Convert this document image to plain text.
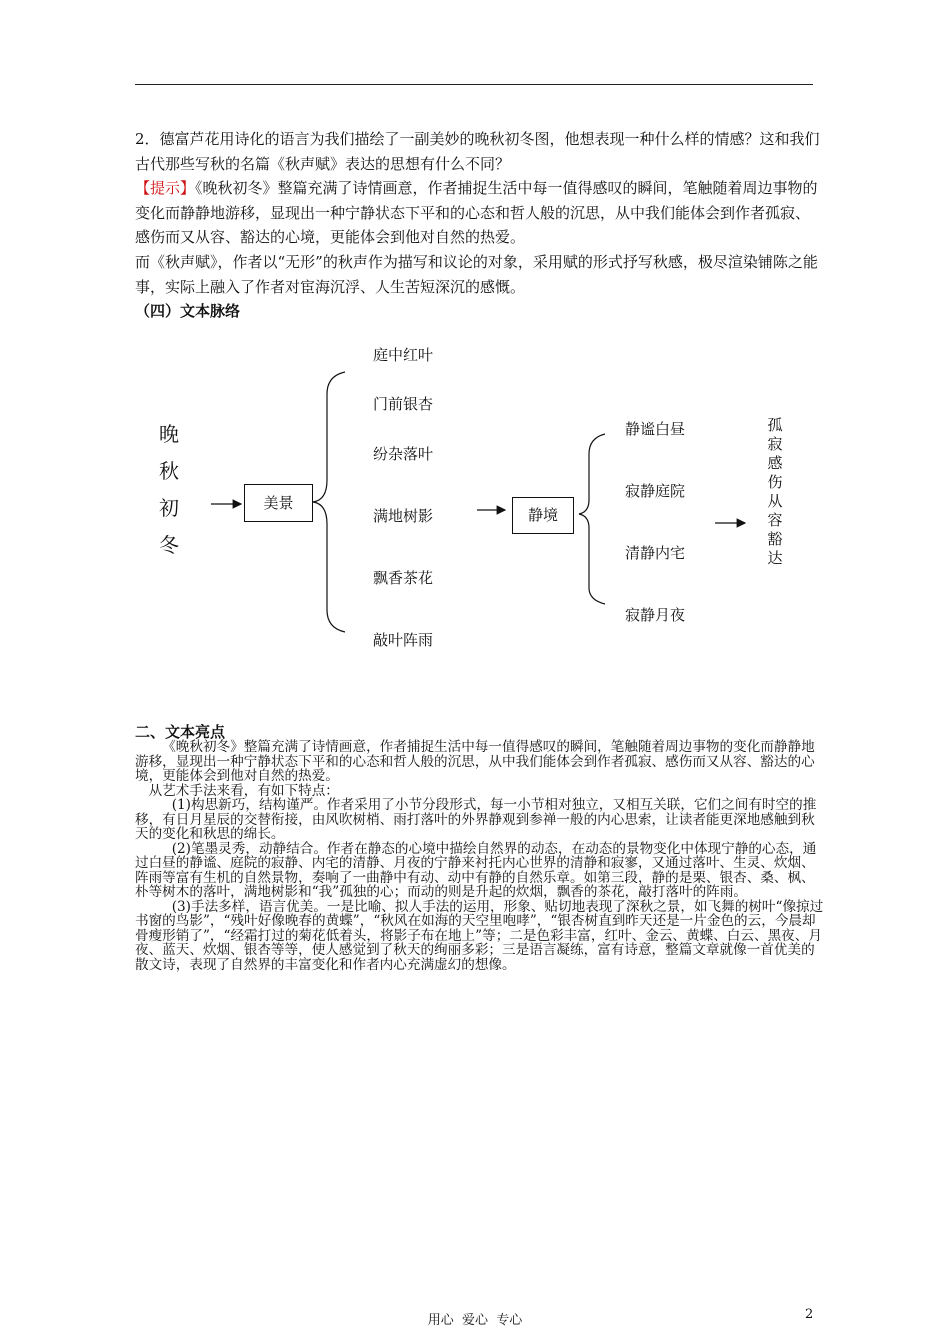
2．德富芦花用诗化的语言为我们描绘了一副美妙的晚秋初冬图，他想表现一种什么样的情感？这和我们古代那些写秋的名篇《秋声赋》表达的思想有什么不同？

【提示】《晚秋初冬》整篇充满了诗情画意，作者捕捉生活中每一值得感叹的瞬间，笔触随着周边事物的变化而静静地游移，显现出一种宁静状态下平和的心态和哲人般的沉思，从中我们能体会到作者孤寂、感伤而又从容、豁达的心境，更能体会到他对自然的热爱。

而《秋声赋》，作者以“无形”的秋声作为描写和议论的对象，采用赋的形式抒写秋感，极尽渲染铺陈之能事，实际上融入了作者对宦海沉浮、人生苦短深沉的感慨。

（四）文本脉络
晚
秋
初
冬
美景
庭中红叶
门前银杏
纷杂落叶
满地树影
飘香茶花
敲叶阵雨
静境
静谧白昼
寂静庭院
清静内宅
寂静月夜
孤
寂
感
伤
从
容
豁
达
二、文本亮点

《晚秋初冬》整篇充满了诗情画意，作者捕捉生活中每一值得感叹的瞬间，笔触随着周边事物的变化而静静地游移，显现出一种宁静状态下平和的心态和哲人般的沉思，从中我们能体会到作者孤寂、感伤而又从容、豁达的心境，更能体会到他对自然的热爱。

从艺术手法来看，有如下特点：

(1)构思新巧，结构谨严。作者采用了小节分段形式，每一小节相对独立，又相互关联，它们之间有时空的推移，有日月星辰的交替衔接，由风吹树梢、雨打落叶的外界静观到参禅一般的内心思索，让读者能更深地感触到秋天的变化和秋思的绵长。

(2)笔墨灵秀，动静结合。作者在静态的心境中描绘自然界的动态，在动态的景物变化中体现宁静的心态，通过白昼的静谧、庭院的寂静、内宅的清静、月夜的宁静来衬托内心世界的清静和寂寥，又通过落叶、生灵、炊烟、阵雨等富有生机的自然景物，奏响了一曲静中有动、动中有静的自然乐章。如第三段，静的是栗、银杏、桑、枫、朴等树木的落叶，满地树影和“我”孤独的心；而动的则是升起的炊烟，飘香的茶花，敲打落叶的阵雨。

(3)手法多样，语言优美。一是比喻、拟人手法的运用，形象、贴切地表现了深秋之景，如飞舞的树叶“像掠过书窗的鸟影”，“残叶好像晚春的黄蝶”，“秋风在如海的天空里咆哮”，“银杏树直到昨天还是一片金色的云，今晨却骨瘦形销了”，“经霜打过的菊花低着头，将影子布在地上”等；二是色彩丰富，红叶、金云、黄蝶、白云、黑夜、月夜、蓝天、炊烟、银杏等等，使人感觉到了秋天的绚丽多彩；三是语言凝练，富有诗意，整篇文章就像一首优美的散文诗，表现了自然界的丰富变化和作者内心充满虚幻的想像。

用心  爱心  专心	2
